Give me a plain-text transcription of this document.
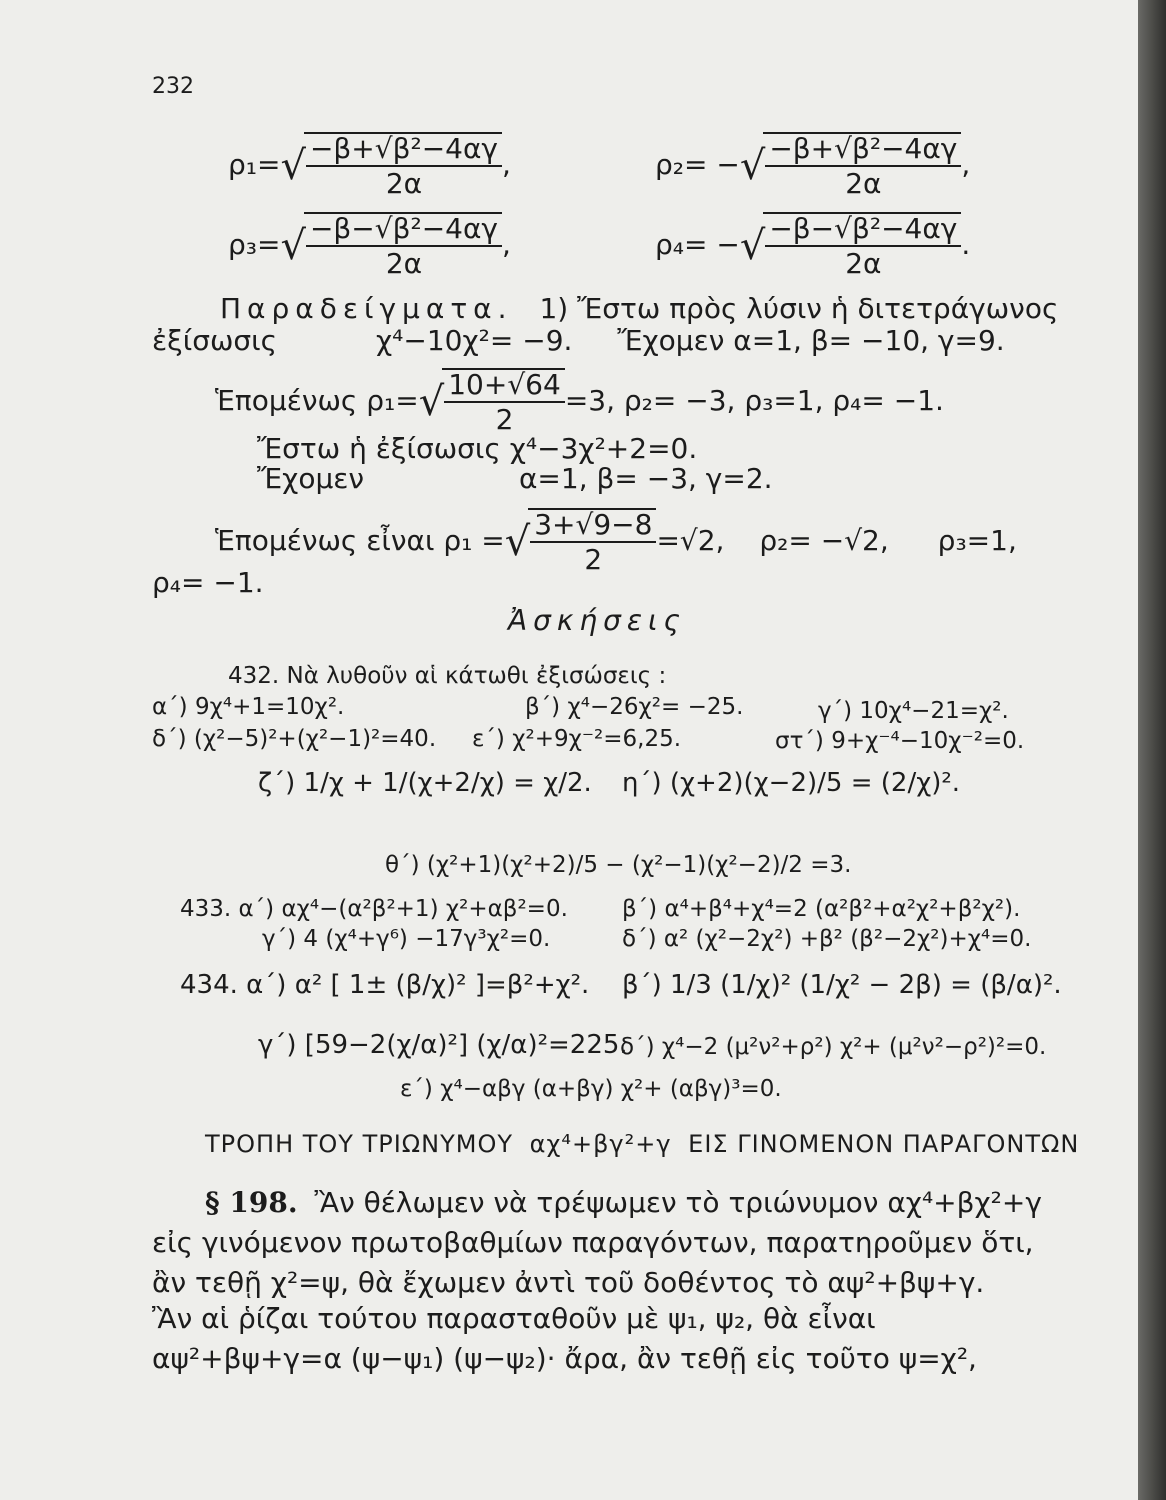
232
$\rho_1=√ \frac{\text{−β+√β²−4αγ}}{2\alpha}$ ,	ρ₂= −√ $\frac{\text{−β+√β²−4αγ}}{2\alpha}$ ,
$\rho_3=√ \frac{\text{−β−√β²−4αγ}}{2\alpha}$ ,	ρ₄= −√ $\frac{\text{−β−√β²−4αγ}}{2\alpha}$ .
Παραδείγματα. 1) Ἔστω πρὸς λύσιν ἡ διτετράγωνος
ἐξίσωσις	χ⁴−10χ²= −9. Ἔχομεν α=1, β= −10, γ=9.
Ἑπομένως $\rho_1=√ \frac{10+√64}{2} =3$, ρ₂= −3, ρ₃=1, ρ₄= −1.
Ἔστω ἡ ἐξίσωσις χ⁴−3χ²+2=0.
Ἔχομεν	α=1, β= −3, γ=2.
Ἑπομένως εἶναι ρ₁ =√ $\frac{3+√9-8}{2} =√2$, ρ₂= −√2, ρ₃=1,
ρ₄= −1.
Ἀσκήσεις
432. Νὰ λυθοῦν αἱ κάτωθι ἐξισώσεις :
α΄) 9χ⁴+1=10χ².	β΄) χ⁴−26χ²= −25.	γ΄) 10χ⁴−21=χ².
δ΄) (χ²−5)²+(χ²−1)²=40. ε΄) χ²+9χ⁻²=6,25.	στ΄) 9+χ⁻⁴−10χ⁻²=0.
ζ΄) 1/χ + 1/(χ+2/χ) = χ/2. η΄) (χ+2)(χ−2)/5 = (2/χ)².
θ΄) (χ²+1)(χ²+2)/5 − (χ²−1)(χ²−2)/2 =3.
433. α΄) αχ⁴−(α²β²+1) χ²+αβ²=0. β΄) α⁴+β⁴+χ⁴=2 (α²β²+α²χ²+β²χ²).
γ΄) 4 (χ⁴+γ⁶) −17γ³χ²=0.	δ΄) α² (χ²−2χ²) +β² (β²−2χ²)+χ⁴=0.
434. α΄) α² [ 1± (β/χ)² ]=β²+χ². β΄) 1/3 (1/χ)² (1/χ² − 2β) = (β/α)².
γ΄) [59−2(χ/α)²] (χ/α)²=225.
δ΄) χ⁴−2 (μ²ν²+ρ²) χ²+ (μ²ν²−ρ²)²=0.
ε΄) χ⁴−αβγ (α+βγ) χ²+ (αβγ)³=0.
ΤΡΟΠΗ ΤΟΥ ΤΡΙΩΝΥΜΟΥ αχ⁴+βγ²+γ ΕΙΣ ΓΙΝΟΜΕΝΟΝ ΠΑΡΑΓΟΝΤΩΝ
§ 198. Ἂν θέλωμεν νὰ τρέψωμεν τὸ τριώνυμον αχ⁴+βχ²+γ
εἰς γινόμενον πρωτοβαθμίων παραγόντων, παρατηροῦμεν ὅτι,
ἂν τεθῇ χ²=ψ, θὰ ἔχωμεν ἀντὶ τοῦ δοθέντος τὸ αψ²+βψ+γ.
Ἂν αἱ ῥίζαι τούτου παρασταθοῦν μὲ ψ₁, ψ₂, θὰ εἶναι
αψ²+βψ+γ=α (ψ−ψ₁) (ψ−ψ₂)· ἄρα, ἂν τεθῇ εἰς τοῦτο ψ=χ²,
